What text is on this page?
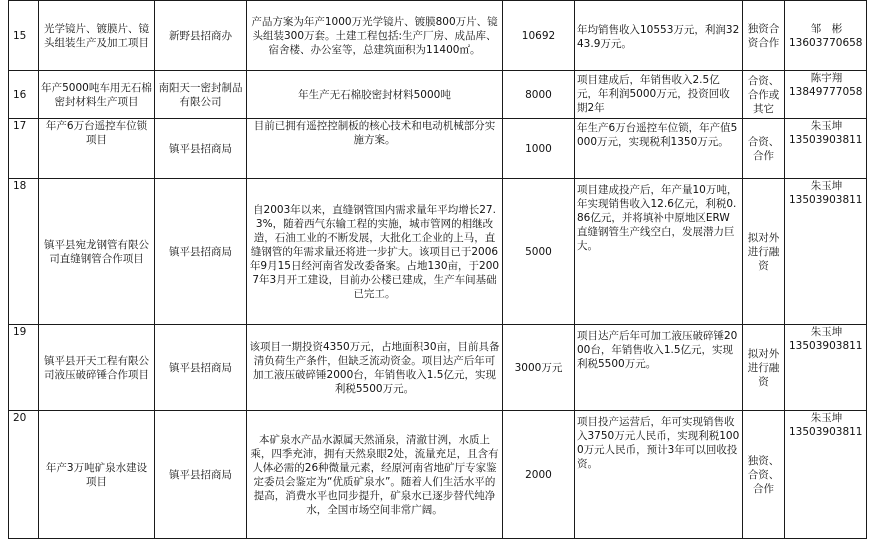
15	光学镜片、镀膜片、镜头组装生产及加工项目	新野县招商办	产品方案为年产1000万光学镜片、镀膜800万片、镜头组装300万套。土建工程包括:生产厂房、成品库、宿舍楼、办公室等，总建筑面积为11400㎡。	10692	年均销售收入10553万元，利润3243.9万元。	独资合资合作	邹　彬
13603770658

16	年产5000吨车用无石棉密封材料生产项目	南阳天一密封制品有限公司	年生产无石棉胶密封材料5000吨	8000	项目建成后，年销售收入2.5亿元，年利润5000万元，投资回收期2年	合资、合作或其它	陈宇翔
13849777058

17	年产6万台遥控车位锁项目	镇平县招商局	目前已拥有遥控控制板的核心技术和电动机械部分实施方案。	1000	年生产6万台遥控车位锁，年产值5000万元，实现税利1350万元。	合资、合作	朱玉坤
13503903811

18	镇平县宛龙钢管有限公司直缝钢管合作项目	镇平县招商局	自2003年以来，直缝钢管国内需求量年平均增长27.3%，随着西气东输工程的实施，城市管网的相继改造，石油工业的不断发展，大批化工企业的上马，直缝钢管的年需求量还将进一步扩大。该项目已于2006年9月15日经河南省发改委备案。占地130亩，于2007年3月开工建设，目前办公楼已建成，生产车间基础已完工。	5000	项目建成投产后，年产量10万吨，年实现销售收入12.6亿元，利税0.86亿元，并将填补中原地区ERW直缝钢管生产线空白，发展潜力巨大。	拟对外进行融资	朱玉坤
13503903811

19	镇平县开天工程有限公司液压破碎锤合作项目	镇平县招商局	该项目一期投资4350万元，占地面积30亩，目前具备清负荷生产条件，但缺乏流动资金。项目达产后年可加工液压破碎锤2000台，年销售收入1.5亿元，实现利税5500万元。	3000万元	项目达产后年可加工液压破碎锤2000台，年销售收入1.5亿元，实现利税5500万元。	拟对外进行融资	朱玉坤
13503903811

20	年产3万吨矿泉水建设项目	镇平县招商局	本矿泉水产品水源属天然涌泉，清澈甘洌，水质上乘，四季充沛，拥有天然泉眼2处，流量充足，且含有人体必需的26种微量元素，经原河南省地矿厅专家鉴定委员会鉴定为“优质矿泉水”。随着人们生活水平的提高，消费水平也同步提升，矿泉水已逐步替代纯净水，全国市场空间非常广阔。	2000	项目投产运营后，年可实现销售收入3750万元人民币，实现利税1000万元人民币，预计3年可以回收投资。	独资、合资、合作	朱玉坤
13503903811
